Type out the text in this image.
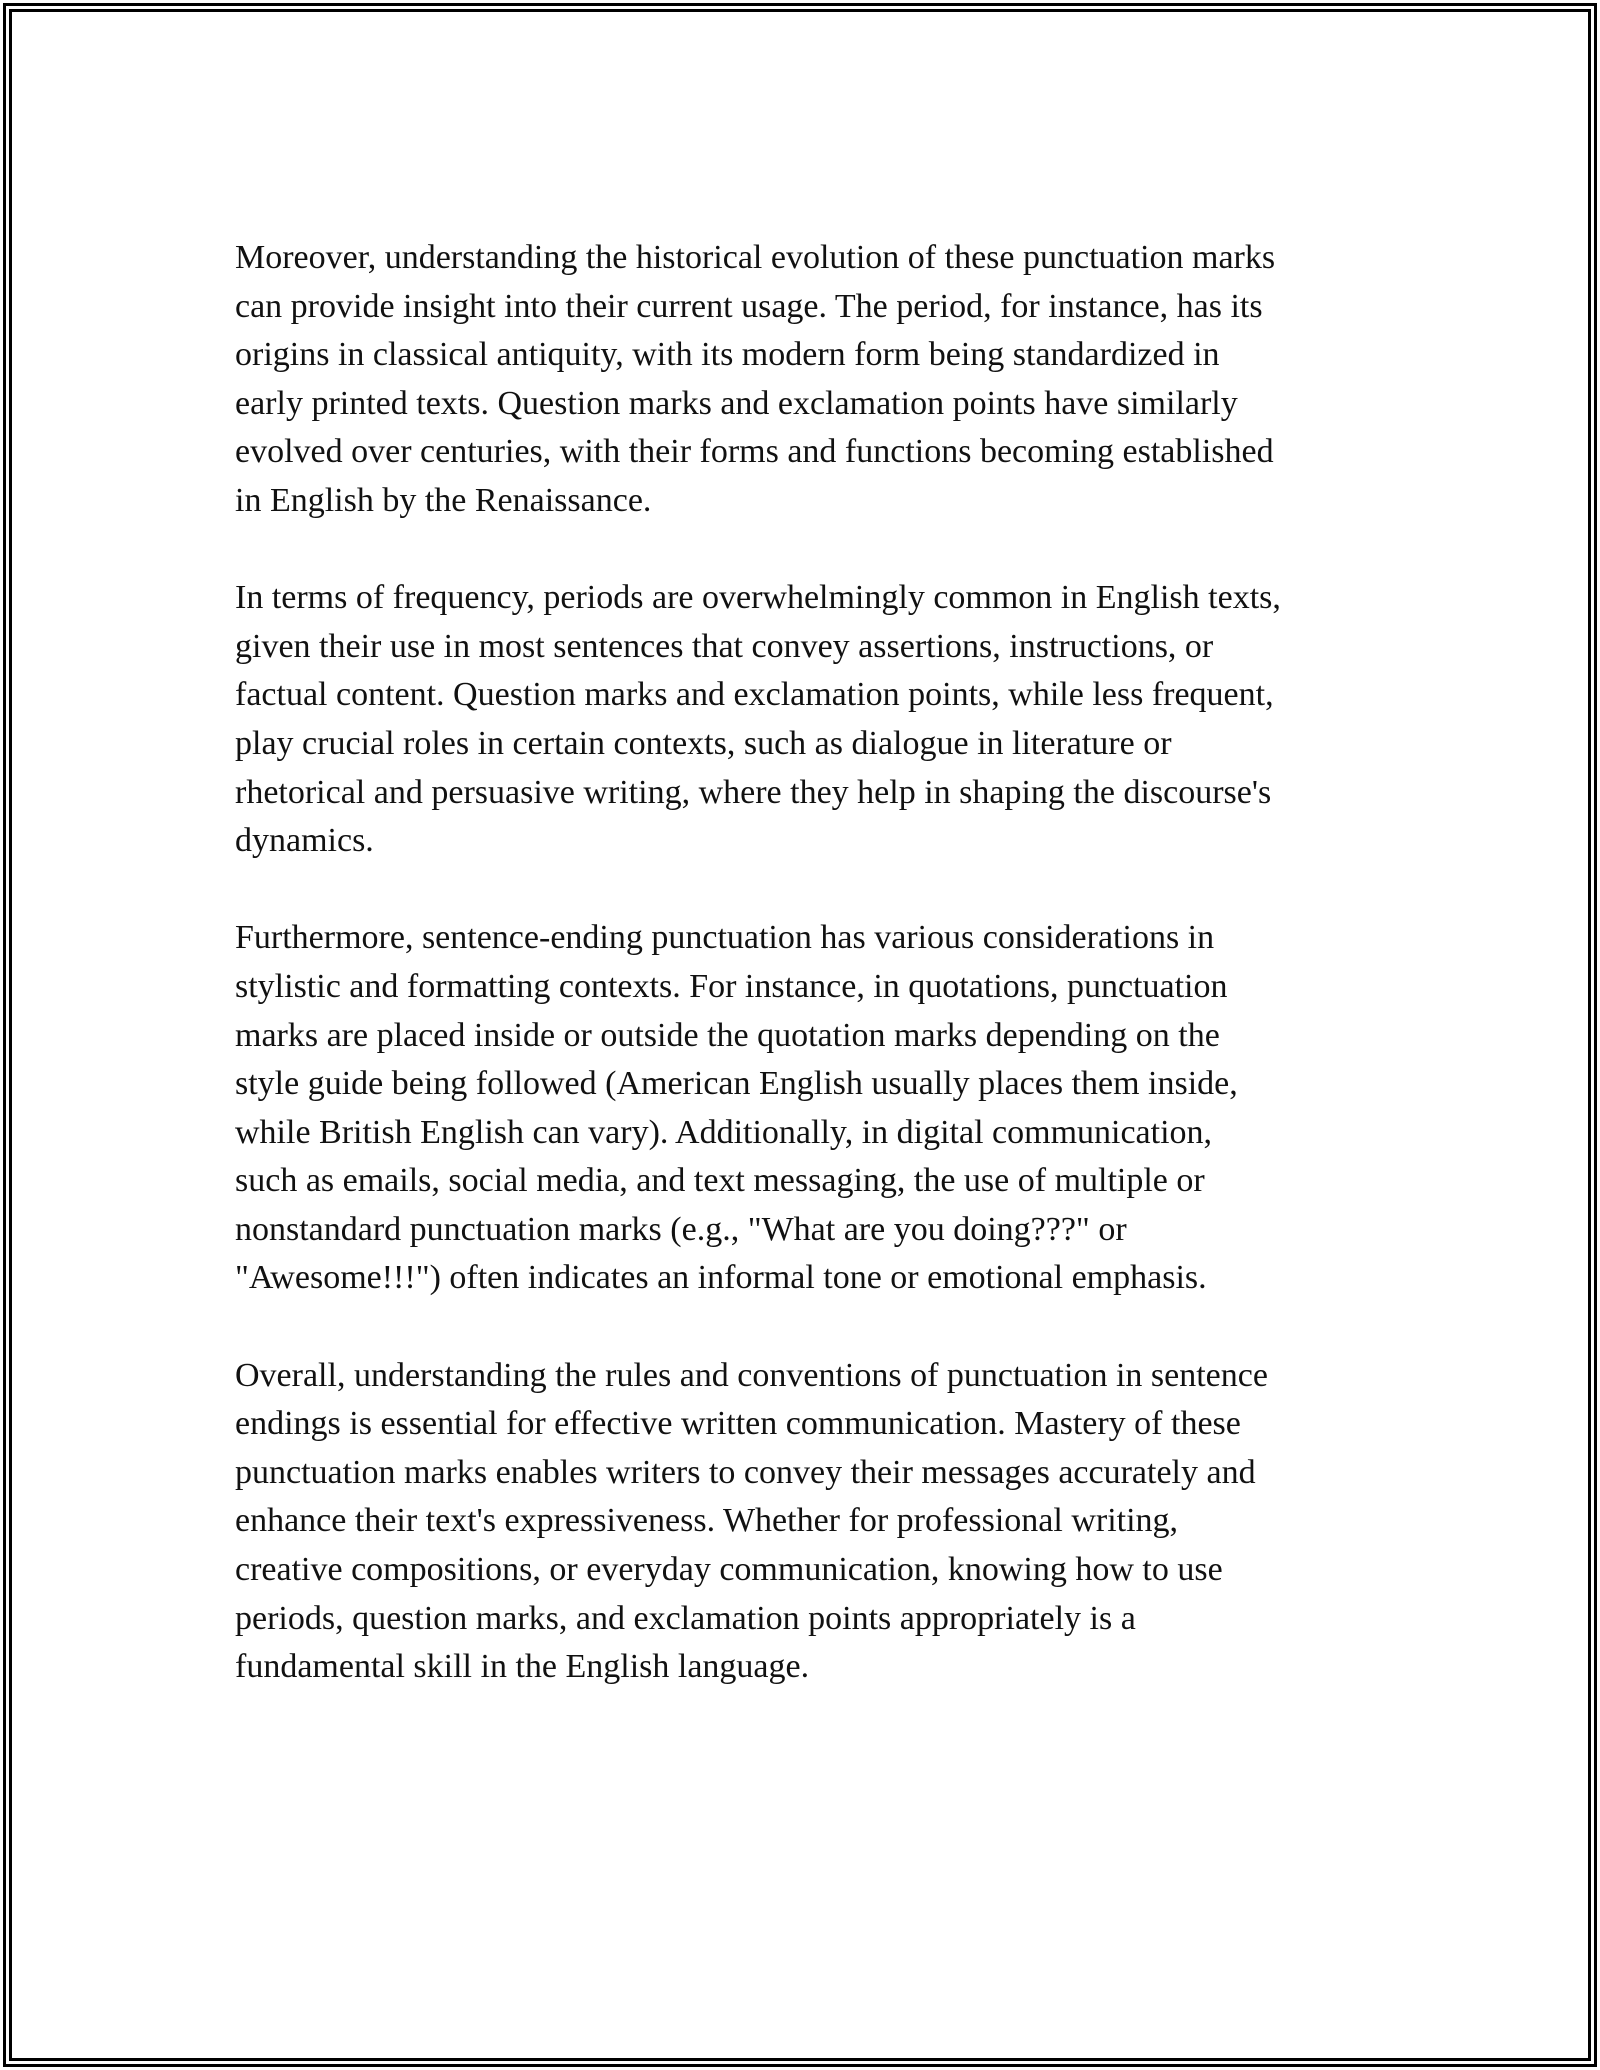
Moreover, understanding the historical evolution of these punctuation marks
can provide insight into their current usage. The period, for instance, has its
origins in classical antiquity, with its modern form being standardized in
early printed texts. Question marks and exclamation points have similarly
evolved over centuries, with their forms and functions becoming established
in English by the Renaissance.

In terms of frequency, periods are overwhelmingly common in English texts,
given their use in most sentences that convey assertions, instructions, or
factual content. Question marks and exclamation points, while less frequent,
play crucial roles in certain contexts, such as dialogue in literature or
rhetorical and persuasive writing, where they help in shaping the discourse's
dynamics.

Furthermore, sentence-ending punctuation has various considerations in
stylistic and formatting contexts. For instance, in quotations, punctuation
marks are placed inside or outside the quotation marks depending on the
style guide being followed (American English usually places them inside,
while British English can vary). Additionally, in digital communication,
such as emails, social media, and text messaging, the use of multiple or
nonstandard punctuation marks (e.g., "What are you doing???" or
"Awesome!!!") often indicates an informal tone or emotional emphasis.

Overall, understanding the rules and conventions of punctuation in sentence
endings is essential for effective written communication. Mastery of these
punctuation marks enables writers to convey their messages accurately and
enhance their text's expressiveness. Whether for professional writing,
creative compositions, or everyday communication, knowing how to use
periods, question marks, and exclamation points appropriately is a
fundamental skill in the English language.
